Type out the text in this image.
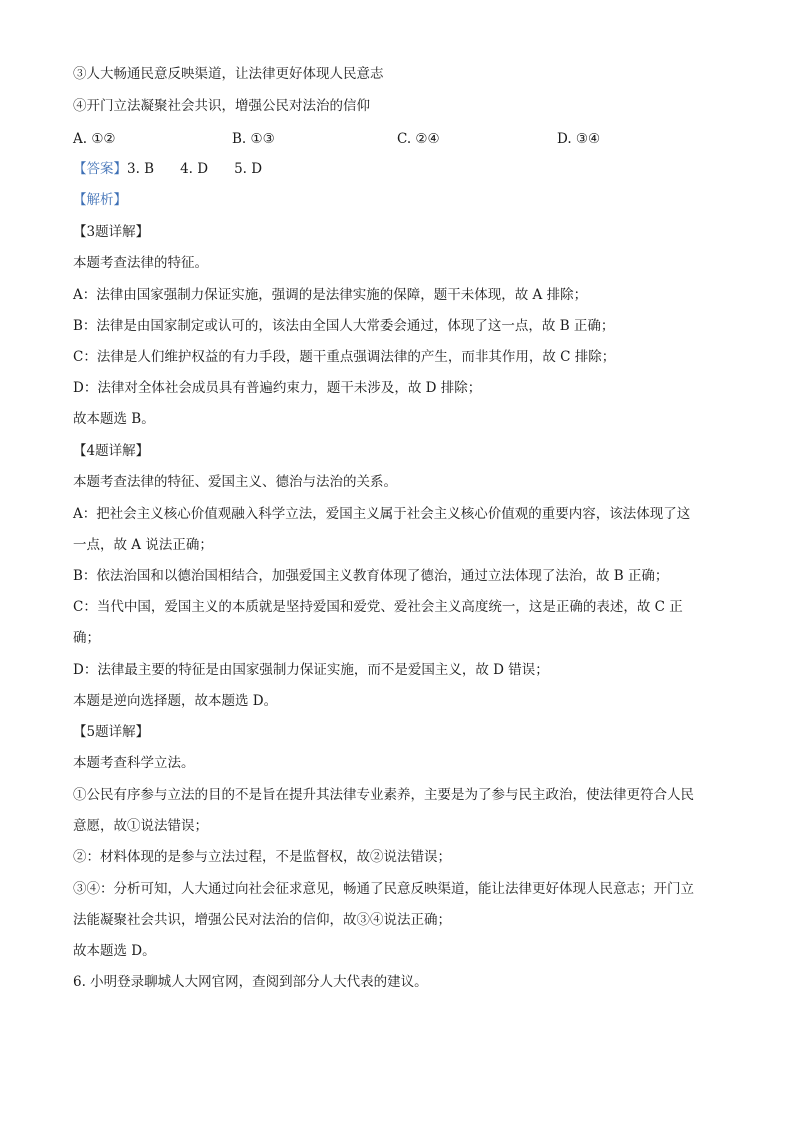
③人大畅通民意反映渠道，让法律更好体现人民意志
④开门立法凝聚社会共识，增强公民对法治的信仰
A. ①②	B. ①③	C. ②④	D. ③④
【答案】3. B 4. D 5. D
【解析】
【3题详解】
本题考查法律的特征。
A：法律由国家强制力保证实施，强调的是法律实施的保障，题干未体现，故 A 排除；
B：法律是由国家制定或认可的，该法由全国人大常委会通过，体现了这一点，故 B 正确；
C：法律是人们维护权益的有力手段，题干重点强调法律的产生，而非其作用，故 C 排除；
D：法律对全体社会成员具有普遍约束力，题干未涉及，故 D 排除；
故本题选 B。
【4题详解】
本题考查法律的特征、爱国主义、德治与法治的关系。
A：把社会主义核心价值观融入科学立法，爱国主义属于社会主义核心价值观的重要内容，该法体现了这
一点，故 A 说法正确；
B：依法治国和以德治国相结合，加强爱国主义教育体现了德治，通过立法体现了法治，故 B 正确；
C：当代中国，爱国主义的本质就是坚持爱国和爱党、爱社会主义高度统一，这是正确的表述，故 C 正
确；
D：法律最主要的特征是由国家强制力保证实施，而不是爱国主义，故 D 错误；
本题是逆向选择题，故本题选 D。
【5题详解】
本题考查科学立法。
①公民有序参与立法的目的不是旨在提升其法律专业素养，主要是为了参与民主政治，使法律更符合人民
意愿，故①说法错误；
②：材料体现的是参与立法过程，不是监督权，故②说法错误；
③④：分析可知，人大通过向社会征求意见，畅通了民意反映渠道，能让法律更好体现人民意志；开门立
法能凝聚社会共识，增强公民对法治的信仰，故③④说法正确；
故本题选 D。
6. 小明登录聊城人大网官网，查阅到部分人大代表的建议。
